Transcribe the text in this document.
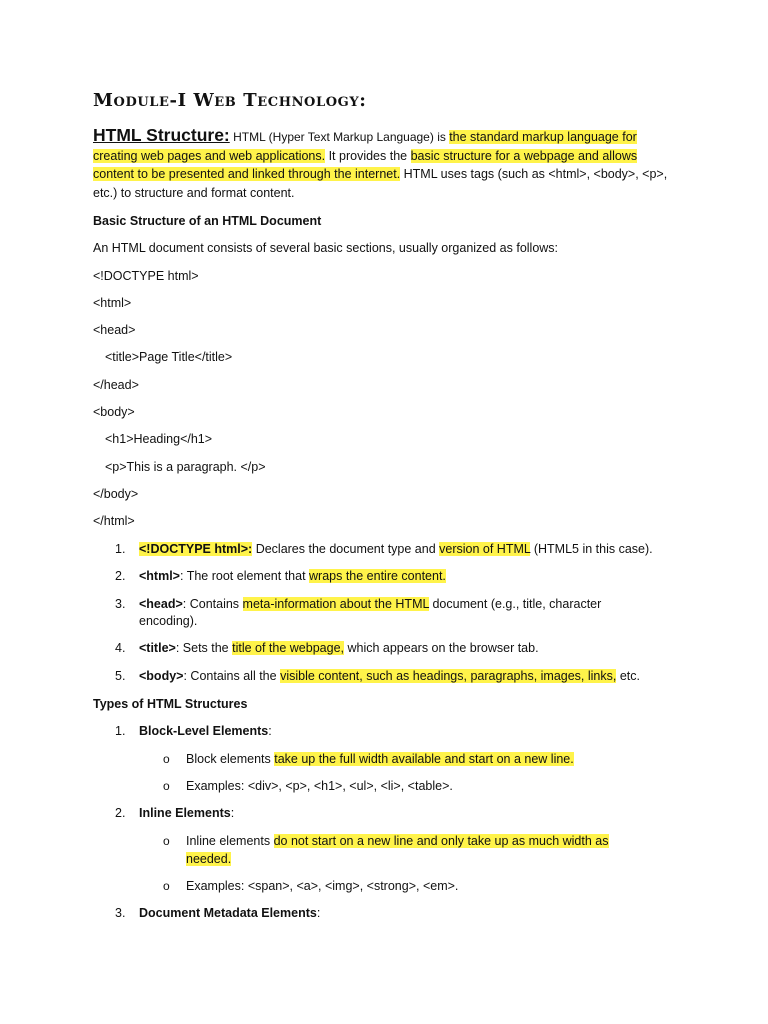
Module-I Web Technology:
HTML Structure: HTML (Hyper Text Markup Language) is the standard markup language for creating web pages and web applications. It provides the basic structure for a webpage and allows content to be presented and linked through the internet. HTML uses tags (such as <html>, <body>, <p>, etc.) to structure and format content.
Basic Structure of an HTML Document
An HTML document consists of several basic sections, usually organized as follows:
<!DOCTYPE html>
<html>
<head>
<title>Page Title</title>
</head>
<body>
<h1>Heading</h1>
<p>This is a paragraph. </p>
</body>
</html>
1. <!DOCTYPE html>: Declares the document type and version of HTML (HTML5 in this case).
2. <html>: The root element that wraps the entire content.
3. <head>: Contains meta-information about the HTML document (e.g., title, character encoding).
4. <title>: Sets the title of the webpage, which appears on the browser tab.
5. <body>: Contains all the visible content, such as headings, paragraphs, images, links, etc.
Types of HTML Structures
1. Block-Level Elements:
o Block elements take up the full width available and start on a new line.
o Examples: <div>, <p>, <h1>, <ul>, <li>, <table>.
2. Inline Elements:
o Inline elements do not start on a new line and only take up as much width as needed.
o Examples: <span>, <a>, <img>, <strong>, <em>.
3. Document Metadata Elements:
